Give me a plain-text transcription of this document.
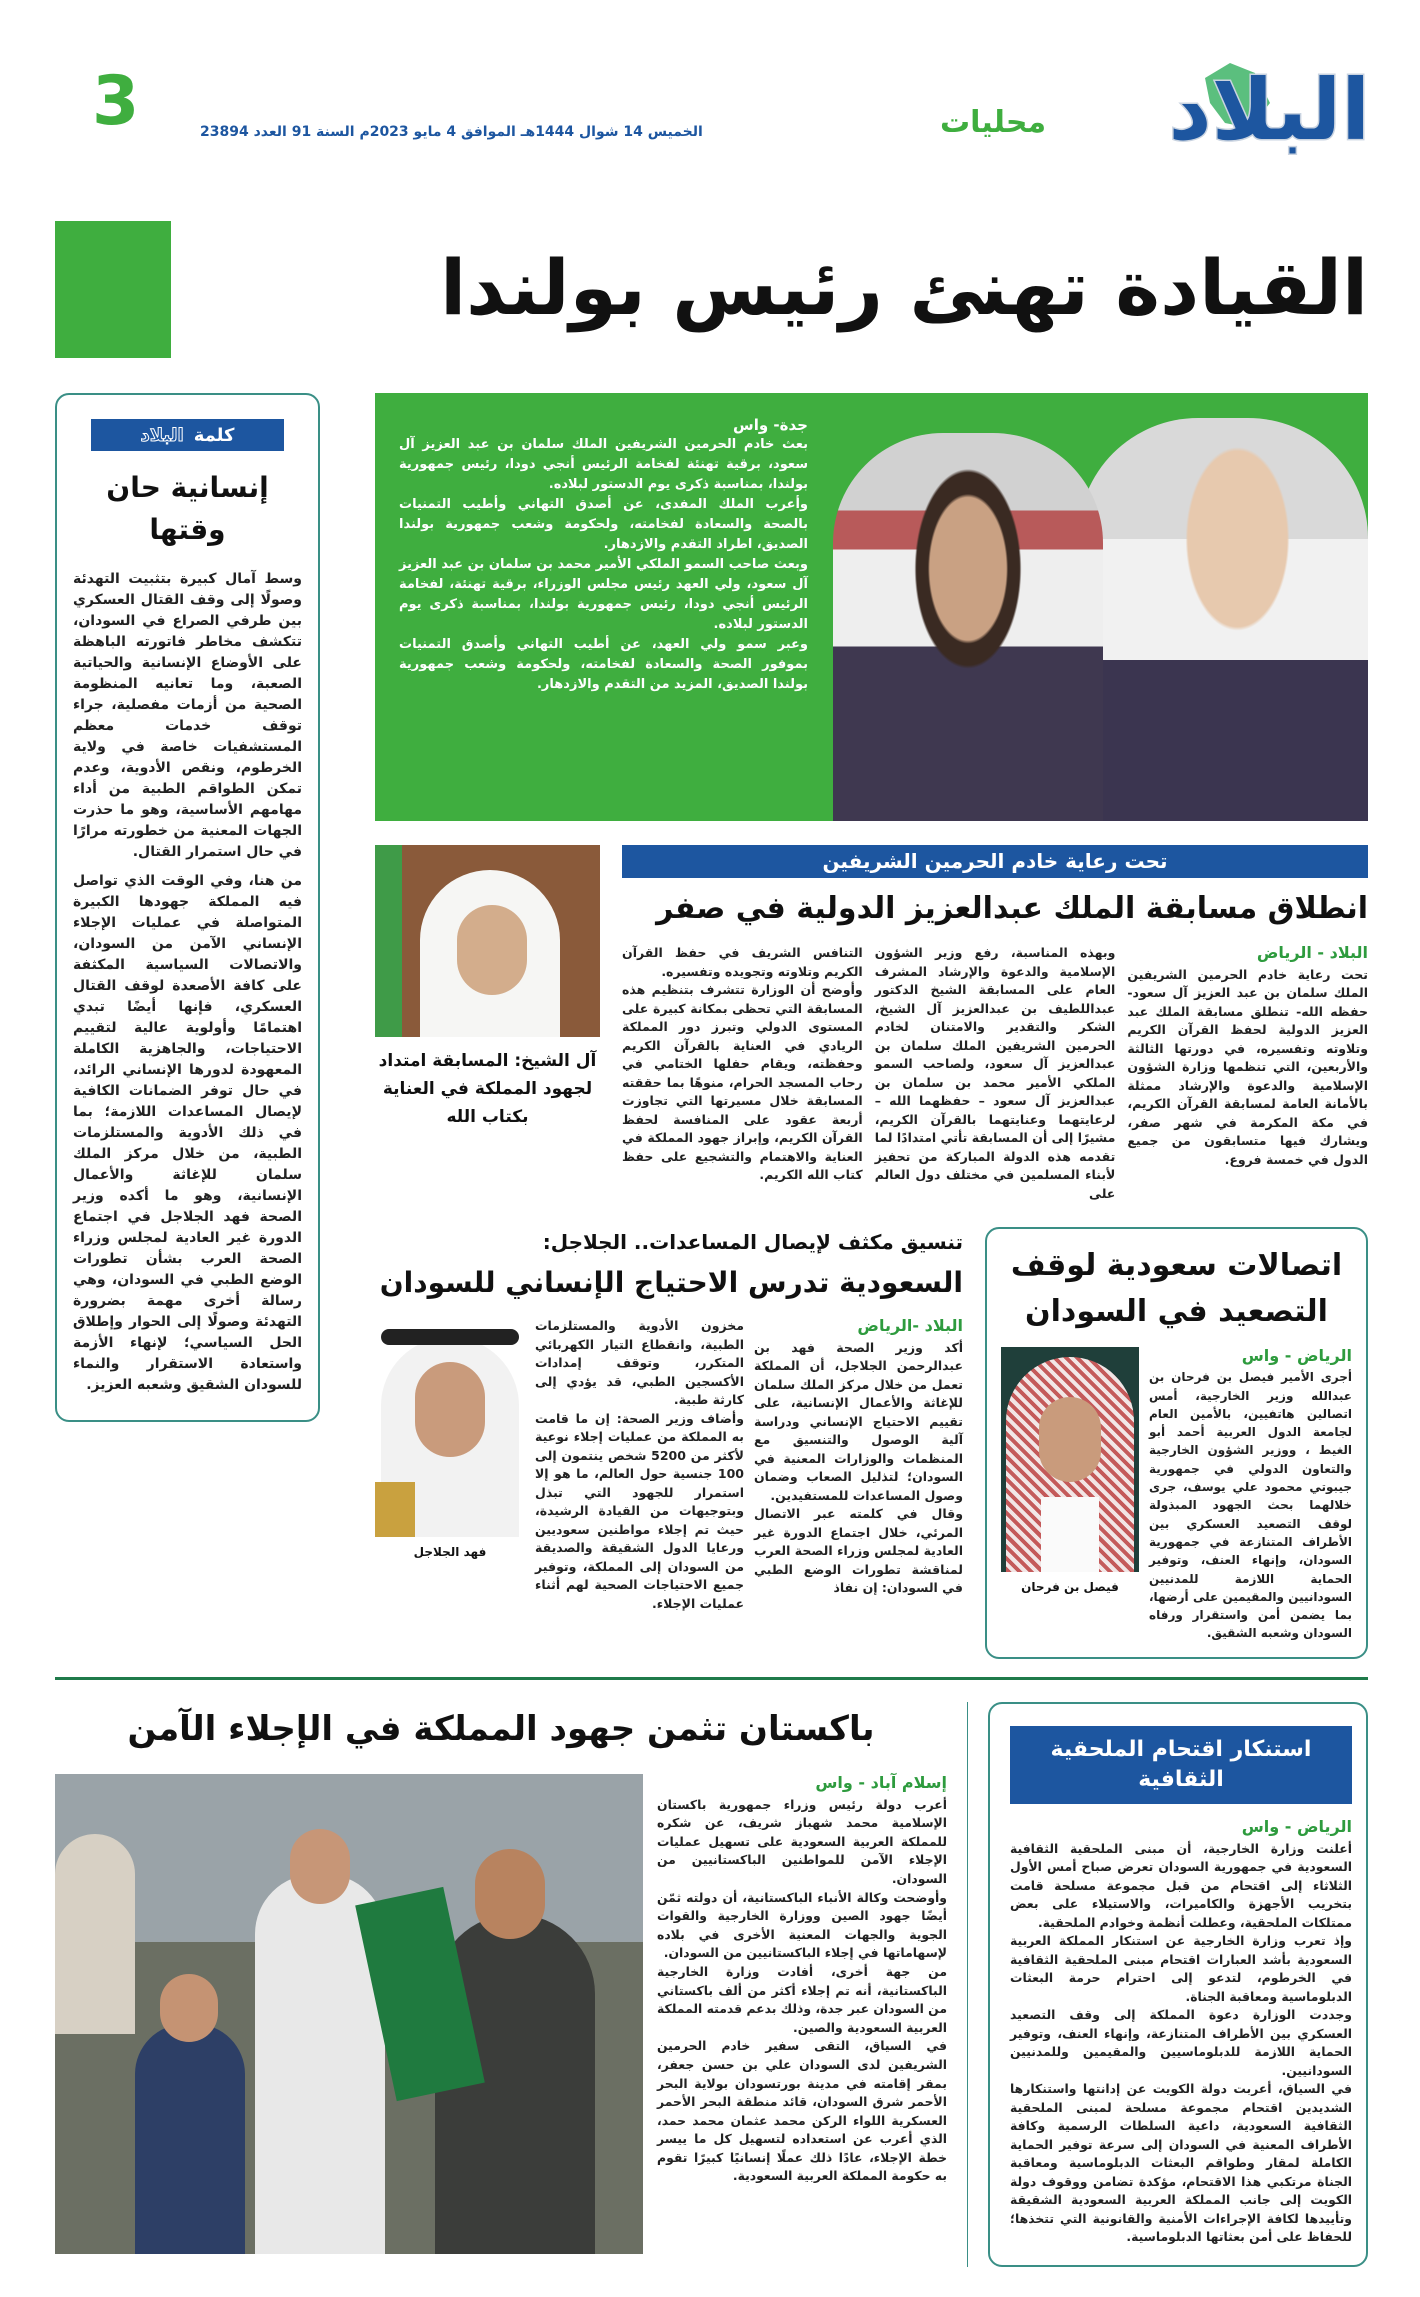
البلاد
محليات
الخميس 14 شوال 1444هـ الموافق 4 مايو 2023م السنة 91 العدد 23894
3
القيادة تهنئ رئيس بولندا
جدة- واس

بعث خادم الحرمين الشريفين الملك سلمان بن عبد العزيز آل سعود، برقية تهنئة لفخامة الرئيس أنجي دودا، رئيس جمهورية بولندا، بمناسبة ذكرى يوم الدستور لبلاده.

وأعرب الملك المفدى، عن أصدق التهاني وأطيب التمنيات بالصحة والسعادة لفخامته، ولحكومة وشعب جمهورية بولندا الصديق، اطراد التقدم والازدهار.

وبعث صاحب السمو الملكي الأمير محمد بن سلمان بن عبد العزيز آل سعود، ولي العهد رئيس مجلس الوزراء، برقية تهنئة، لفخامة الرئيس أنجي دودا، رئيس جمهورية بولندا، بمناسبة ذكرى يوم الدستور لبلاده.

وعبر سمو ولي العهد، عن أطيب التهاني وأصدق التمنيات بموفور الصحة والسعادة لفخامته، ولحكومة وشعب جمهورية بولندا الصديق، المزيد من التقدم والازدهار.

تحت رعاية خادم الحرمين الشريفين
انطلاق مسابقة الملك عبدالعزيز الدولية في صفر
البلاد - الرياض

تحت رعاية خادم الحرمين الشريفين الملك سلمان بن عبد العزيز آل سعود- حفظه الله- تنطلق مسابقة الملك عبد العزيز الدولية لحفظ القرآن الكريم وتلاوته وتفسيره، في دورتها الثالثة والأربعين، التي تنظمها وزارة الشؤون الإسلامية والدعوة والإرشاد ممثلة بالأمانة العامة لمسابقة القرآن الكريم، في مكة المكرمة في شهر صفر، ويشارك فيها متسابقون من جميع الدول في خمسة فروع.

وبهذه المناسبة، رفع وزير الشؤون الإسلامية والدعوة والإرشاد المشرف العام على المسابقة الشيخ الدكتور عبداللطيف بن عبدالعزيز آل الشيخ، الشكر والتقدير والامتنان لخادم الحرمين الشريفين الملك سلمان بن عبدالعزيز آل سعود، ولصاحب السمو الملكي الأمير محمد بن سلمان بن عبدالعزيز آل سعود – حفظهما الله – لرعايتهما وعنايتهما بالقرآن الكريم، مشيرًا إلى أن المسابقة تأتي امتدادًا لما تقدمه هذه الدولة المباركة من تحفيز لأبناء المسلمين في مختلف دول العالم على

التنافس الشريف في حفظ القرآن الكريم وتلاوته وتجويده وتفسيره.

وأوضح أن الوزارة تتشرف بتنظيم هذه المسابقة التي تحظى بمكانة كبيرة على المستوى الدولي وتبرز دور المملكة الريادي في العناية بالقرآن الكريم وحفظته، ويقام حفلها الختامي في رحاب المسجد الحرام، منوهًا بما حققته المسابقة خلال مسيرتها التي تجاوزت أربعة عقود على المنافسة لحفظ القرآن الكريم، وإبراز جهود المملكة في العناية والاهتمام والتشجيع على حفظ كتاب الله الكريم.

آل الشيخ: المسابقة امتداد لجهود المملكة في العناية بكتاب الله
اتصالات سعودية لوقف التصعيد في السودان
الرياض - واس

أجرى الأمير فيصل بن فرحان بن عبدالله وزير الخارجية، أمس اتصالين هاتفيين، بالأمين العام لجامعة الدول العربية أحمد أبو الغيط ، ووزير الشؤون الخارجية والتعاون الدولي في جمهورية جيبوتي محمود علي يوسف، جرى خلالهما بحث الجهود المبذولة لوقف التصعيد العسكري بين الأطراف المتنازعة في جمهورية السودان، وإنهاء العنف، وتوفير الحماية اللازمة للمدنيين السودانيين والمقيمين على أرضها، بما يضمن أمن واستقرار ورفاه السودان وشعبه الشقيق.

فيصل بن فرحان
تنسيق مكثف لإيصال المساعدات.. الجلاجل:
السعودية تدرس الاحتياج الإنساني للسودان
البلاد -الرياض

أكد وزير الصحة فهد بن عبدالرحمن الجلاجل، أن المملكة تعمل من خلال مركز الملك سلمان للإغاثة والأعمال الإنسانية، على تقييم الاحتياج الإنساني ودراسة آلية الوصول والتنسيق مع المنظمات والوزارات المعنية في السودان؛ لتذليل الصعاب وضمان وصول المساعدات للمستفيدين.

وقال في كلمته عبر الاتصال المرئي، خلال اجتماع الدورة غير العادية لمجلس وزراء الصحة العرب لمناقشة تطورات الوضع الطبي في السودان: إن نفاذ

مخزون الأدوية والمستلزمات الطبية، وانقطاع التيار الكهربائي المتكرر، وتوقف إمدادات الأكسجين الطبي، قد يؤدي إلى كارثة طبية.

وأضاف وزير الصحة: إن ما قامت به المملكة من عمليات إجلاء نوعية لأكثر من 5200 شخص ينتمون إلى 100 جنسية حول العالم، ما هو إلا استمرار للجهود التي تبذل وبتوجيهات من القيادة الرشيدة، حيث تم إجلاء مواطنين سعوديين ورعايا الدول الشقيقة والصديقة من السودان إلى المملكة، وتوفير جميع الاحتياجات الصحية لهم أثناء عمليات الإجلاء.

فهد الجلاجل
كلمة
البلاد
إنسانية حان وقتها

وسط آمال كبيرة بتثبيت التهدئة وصولًا إلى وقف القتال العسكري بين طرفي الصراع في السودان، تتكشف مخاطر فاتورته الباهظة على الأوضاع الإنسانية والحياتية الصعبة، وما تعانيه المنظومة الصحية من أزمات مفصلية، جراء توقف خدمات معظم المستشفيات خاصة في ولاية الخرطوم، ونقص الأدوية، وعدم تمكن الطواقم الطبية من أداء مهامهم الأساسية، وهو ما حذرت الجهات المعنية من خطورته مرارًا في حال استمرار القتال.

من هنا، وفي الوقت الذي تواصل فيه المملكة جهودها الكبيرة المتواصلة في عمليات الإجلاء الإنساني الآمن من السودان، والاتصالات السياسية المكثفة على كافة الأصعدة لوقف القتال العسكري، فإنها أيضًا تبدي اهتمامًا وأولوية عالية لتقييم الاحتياجات، والجاهزية الكاملة المعهودة لدورها الإنساني الرائد، في حال توفر الضمانات الكافية لإيصال المساعدات اللازمة؛ بما في ذلك الأدوية والمستلزمات الطبية، من خلال مركز الملك سلمان للإغاثة والأعمال الإنسانية، وهو ما أكده وزير الصحة فهد الجلاجل في اجتماع الدورة غير العادية لمجلس وزراء الصحة العرب بشأن تطورات الوضع الطبي في السودان، وهي رسالة أخرى مهمة بضرورة التهدئة وصولًا إلى الحوار وإطلاق الحل السياسي؛ لإنهاء الأزمة واستعادة الاستقرار والنماء للسودان الشقيق وشعبه العزيز.

استنكار اقتحام الملحقية الثقافية
الرياض - واس

أعلنت وزارة الخارجية، أن مبنى الملحقية الثقافية السعودية في جمهورية السودان تعرض صباح أمس الأول الثلاثاء إلى اقتحام من قبل مجموعة مسلحة قامت بتخريب الأجهزة والكاميرات، والاستيلاء على بعض ممتلكات الملحقية، وعطلت أنظمة وخوادم الملحقية.

وإذ تعرب وزارة الخارجية عن استنكار المملكة العربية السعودية بأشد العبارات اقتحام مبنى الملحقية الثقافية في الخرطوم، لتدعو إلى احترام حرمة البعثات الدبلوماسية ومعاقبة الجناة.

وجددت الوزارة دعوة المملكة إلى وقف التصعيد العسكري بين الأطراف المتنازعة، وإنهاء العنف، وتوفير الحماية اللازمة للدبلوماسيين والمقيمين وللمدنيين السودانيين.

في السياق، أعربت دولة الكويت عن إدانتها واستنكارها الشديدين اقتحام مجموعة مسلحة لمبنى الملحقية الثقافية السعودية، داعية السلطات الرسمية وكافة الأطراف المعنية في السودان إلى سرعة توفير الحماية الكاملة لمقار وطواقم البعثات الدبلوماسية ومعاقبة الجناة مرتكبي هذا الاقتحام، مؤكدة تضامن ووقوف دولة الكويت إلى جانب المملكة العربية السعودية الشقيقة وتأييدها لكافة الإجراءات الأمنية والقانونية التي تتخذها؛ للحفاظ على أمن بعثاتها الدبلوماسية.

باكستان تثمن جهود المملكة في الإجلاء الآمن
إسلام آباد - واس

أعرب دولة رئيس وزراء جمهورية باكستان الإسلامية محمد شهباز شريف، عن شكره للمملكة العربية السعودية على تسهيل عمليات الإجلاء الآمن للمواطنين الباكستانيين من السودان.

وأوضحت وكالة الأنباء الباكستانية، أن دولته ثمّن أيضًا جهود الصين ووزارة الخارجية والقوات الجوية والجهات المعنية الأخرى في بلاده لإسهاماتها في إجلاء الباكستانيين من السودان.

من جهة أخرى، أفادت وزارة الخارجية الباكستانية، أنه تم إجلاء أكثر من ألف باكستاني من السودان عبر جدة، وذلك بدعم قدمته المملكة العربية السعودية والصين.

في السياق، التقى سفير خادم الحرمين الشريفين لدى السودان علي بن حسن جعفر، بمقر إقامته في مدينة بورتسودان بولاية البحر الأحمر شرق السودان، قائد منطقة البحر الأحمر العسكرية اللواء الركن محمد عثمان محمد حمد، الذي أعرب عن استعداده لتسهيل كل ما ييسر خطة الإجلاء، عادًا ذلك عملًا إنسانيًا كبيرًا تقوم به حكومة المملكة العربية السعودية.
